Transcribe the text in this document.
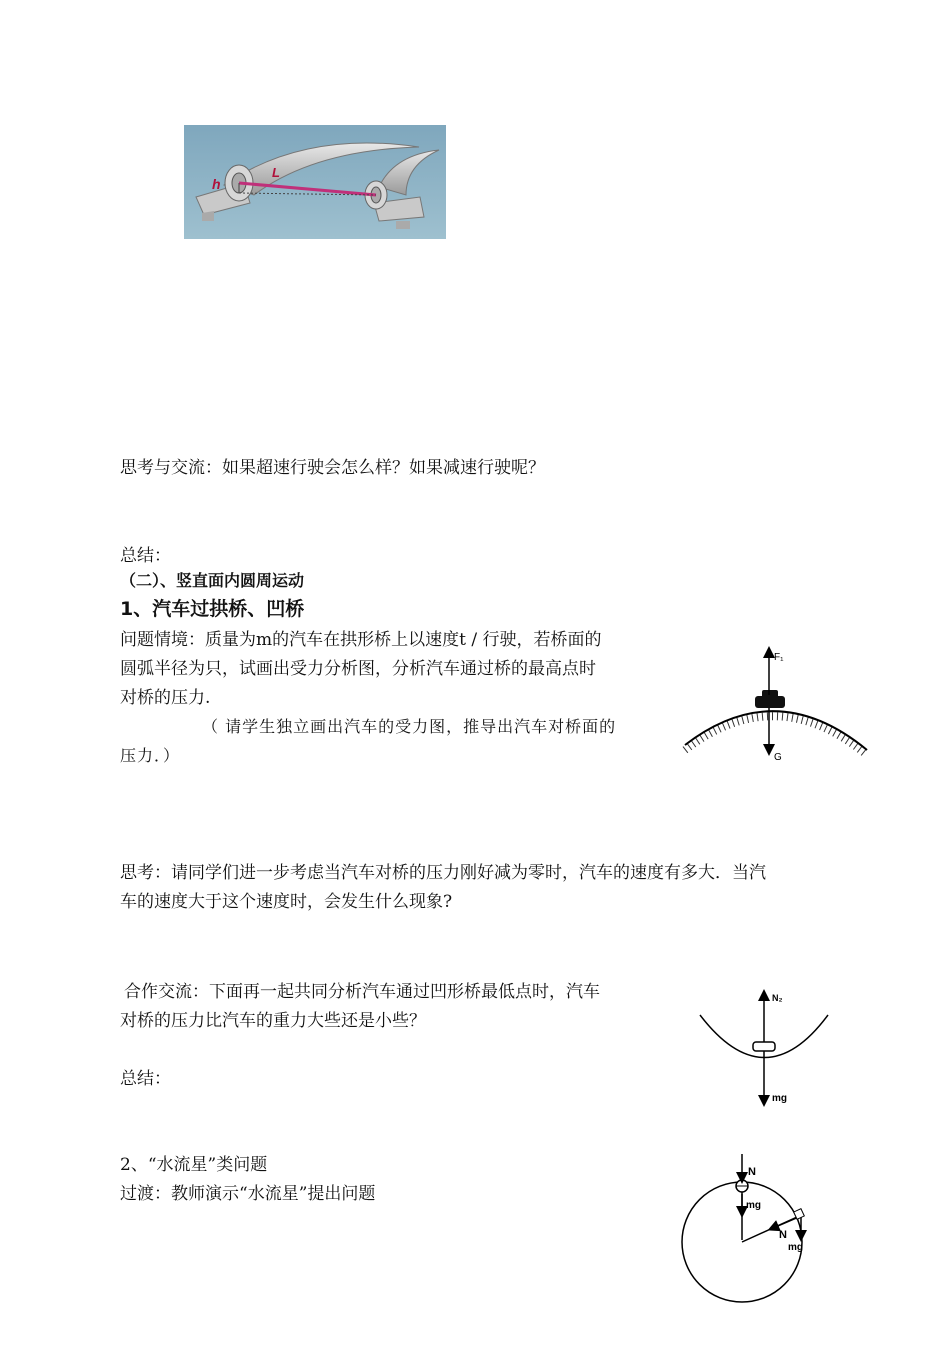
h
L
思考与交流：如果超速行驶会怎么样？如果减速行驶呢？
总结：
（二）、竖直面内圆周运动
1、汽车过拱桥、凹桥
问题情境：质量为m的汽车在拱形桥上以速度t / 行驶，若桥面的
圆弧半径为只，试画出受力分析图，分析汽车通过桥的最高点时
对桥的压力.
（ 请学生独立画出汽车的受力图，推导出汽车对桥面的
压力．）
F₁
G
思考：请同学们进一步考虑当汽车对桥的压力刚好减为零时，汽车的速度有多大．当汽
车的速度大于这个速度时，会发生什么现象?
合作交流：下面再一起共同分析汽车通过凹形桥最低点时，汽车
对桥的压力比汽车的重力大些还是小些？
总结：
N₂
mg
2、“水流星”类问题
过渡：教师演示“水流星”提出问题
N
mg
N
mg
